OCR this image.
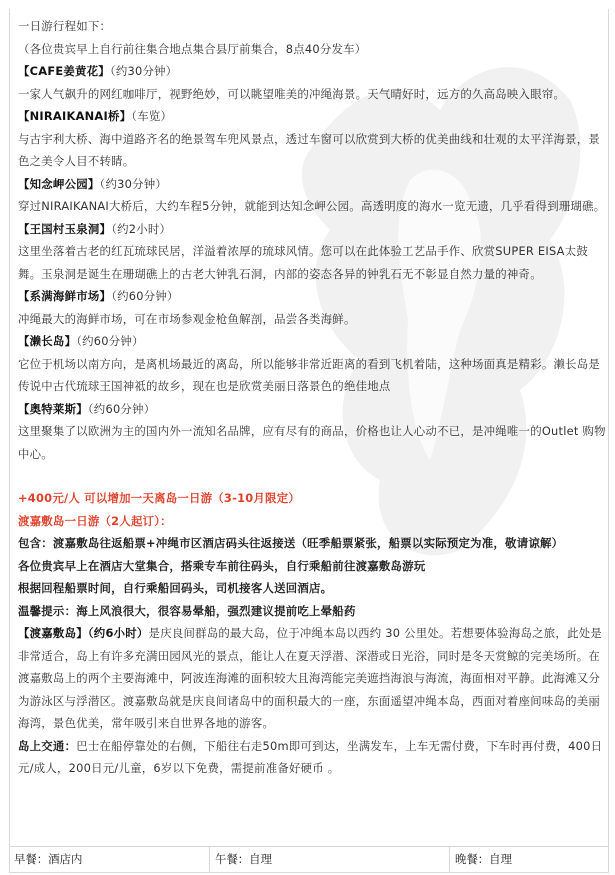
一日游行程如下：
（各位贵宾早上自行前往集合地点集合县厅前集合，8点40分发车）
【CAFE姜黄花】（约30分钟）
一家人气飙升的网红咖啡厅，视野绝妙，可以眺望唯美的冲绳海景。天气晴好时，远方的久高岛映入眼帘。
【NIRAIKANAI桥】（车览）
与古宇利大桥、海中道路齐名的绝景驾车兜风景点，透过车窗可以欣赏到大桥的优美曲线和壮观的太平洋海景，景色之美令人目不转睛。
【知念岬公园】（约30分钟）
穿过NIRAIKANAI大桥后，大约车程5分钟，就能到达知念岬公园。高透明度的海水一览无遗，几乎看得到珊瑚礁。
【王国村玉泉洞】（约2小时）
这里坐落着古老的红瓦琉球民居，洋溢着浓厚的琉球风情。您可以在此体验工艺品手作、欣赏SUPER EISA太鼓舞。玉泉洞是诞生在珊瑚礁上的古老大钟乳石洞，内部的姿态各异的钟乳石无不彰显自然力量的神奇。
【系满海鲜市场】（约60分钟）
冲绳最大的海鲜市场，可在市场参观金枪鱼解剖，品尝各类海鲜。
【濑长岛】（约60分钟）
它位于机场以南方向，是离机场最近的离岛，所以能够非常近距离的看到飞机着陆，这种场面真是精彩。濑长岛是传说中古代琉球王国神祗的故乡，现在也是欣赏美丽日落景色的绝佳地点
【奥特莱斯】（约60分钟）
这里聚集了以欧洲为主的国内外一流知名品牌，应有尽有的商品，价格也让人心动不已，是冲绳唯一的Outlet 购物中心。
+400元/人 可以增加一天离岛一日游（3-10月限定）
渡嘉敷岛一日游（2人起订）：
包含：渡嘉敷岛往返船票+冲绳市区酒店码头往返接送（旺季船票紧张，船票以实际预定为准，敬请谅解）
各位贵宾早上在酒店大堂集合，搭乘专车前往码头，自行乘船前往渡嘉敷岛游玩
根据回程船票时间，自行乘船回码头，司机接客人送回酒店。
温馨提示：海上风浪很大，很容易晕船，强烈建议提前吃上晕船药
【渡嘉敷岛】（约6小时）是庆良间群岛的最大岛，位于冲绳本岛以西约 30 公里处。若想要体验海岛之旅，此处是非常适合，岛上有许多充满田园风光的景点，能让人在夏天浮潜、深潜或日光浴，同时是冬天赏鲸的完美场所。在渡嘉敷岛上的两个主要海滩中，阿波连海滩的面积较大且海湾能完美遮挡海浪与海流，海面相对平静。此海滩又分为游泳区与浮潜区。渡嘉敷岛就是庆良间诸岛中的面积最大的一座，东面遥望冲绳本岛，西面对着座间味岛的美丽海湾，景色优美，常年吸引来自世界各地的游客。
岛上交通：巴士在船停靠处的右侧，下船往右走50m即可到达，坐满发车，上车无需付费，下车时再付费，400日元/成人，200日元/儿童，6岁以下免费，需提前准备好硬币 。
早餐：酒店内	午餐：自理	晚餐：自理
